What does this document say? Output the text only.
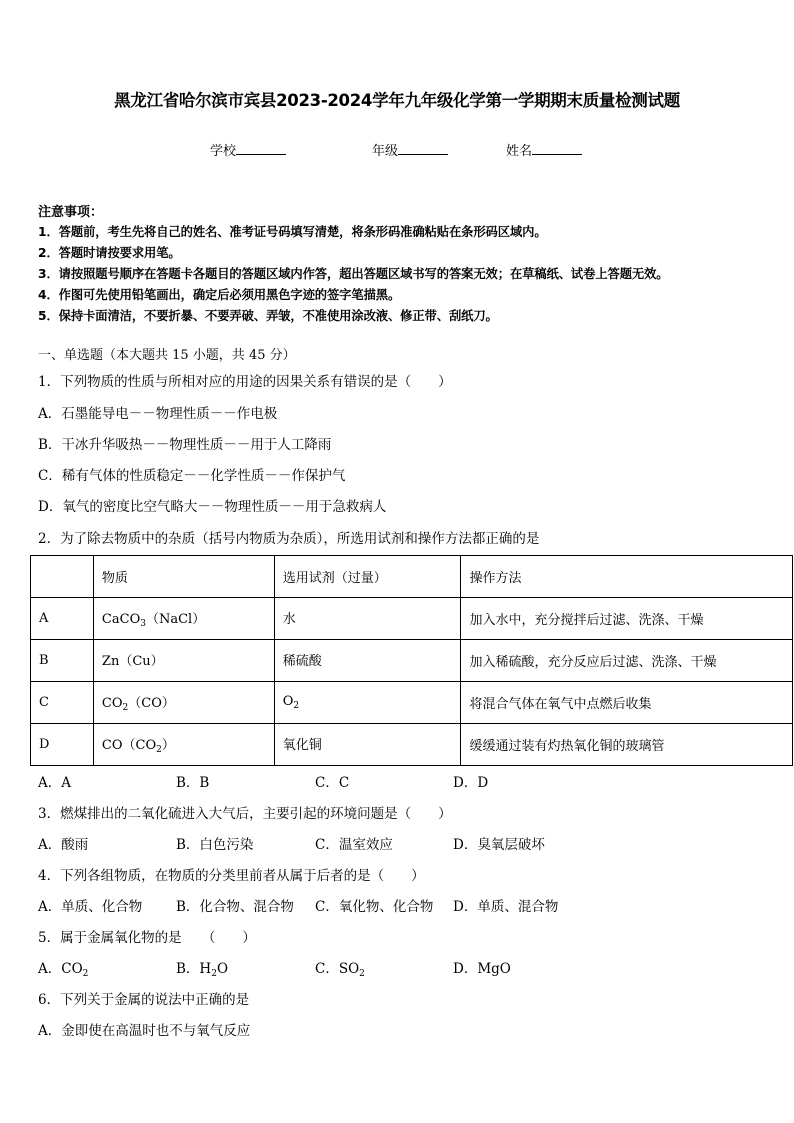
黑龙江省哈尔滨市宾县2023-2024学年九年级化学第一学期期末质量检测试题
学校	年级	姓名
注意事项：
1．答题前，考生先将自己的姓名、准考证号码填写清楚，将条形码准确粘贴在条形码区域内。
2．答题时请按要求用笔。
3．请按照题号顺序在答题卡各题目的答题区域内作答，超出答题区域书写的答案无效；在草稿纸、试卷上答题无效。
4．作图可先使用铅笔画出，确定后必须用黑色字迹的签字笔描黑。
5．保持卡面清洁，不要折暴、不要弄破、弄皱，不准使用涂改液、修正带、刮纸刀。
一、单选题（本大题共 15 小题，共 45 分）
1．下列物质的性质与所相对应的用途的因果关系有错误的是（　　）
A．石墨能导电－－物理性质－－作电极
B．干冰升华吸热－－物理性质－－用于人工降雨
C．稀有气体的性质稳定－－化学性质－－作保护气
D．氧气的密度比空气略大－－物理性质－－用于急救病人
2．为了除去物质中的杂质（括号内物质为杂质），所选用试剂和操作方法都正确的是
	物质	选用试剂（过量）	操作方法
A	CaCO$_3$（NaCl）	水	加入水中，充分搅拌后过滤、洗涤、干燥
B	Zn（Cu）	稀硫酸	加入稀硫酸，充分反应后过滤、洗涤、干燥
C	$CO_2(CO)$	$O_2$	将混合气体在氧气中点燃后收集
D	$CO(CO_2)$	氧化铜	缓缓通过装有灼热氧化铜的玻璃管
A．A	B．B	C．C	D．D
3．燃煤排出的二氧化硫进入大气后，主要引起的环境问题是（　　）
A．酸雨	B．白色污染	C．温室效应	D．臭氧层破坏
4．下列各组物质，在物质的分类里前者从属于后者的是（　　）
A．单质、化合物	B．化合物、混合物 C．氧化物、化合物 D．单质、混合物
5．属于金属氧化物的是　　（　　）
A．$CO_2$	B．$H_2O$	C．$SO_2$	D．MgO
6．下列关于金属的说法中正确的是
A．金即使在高温时也不与氧气反应
